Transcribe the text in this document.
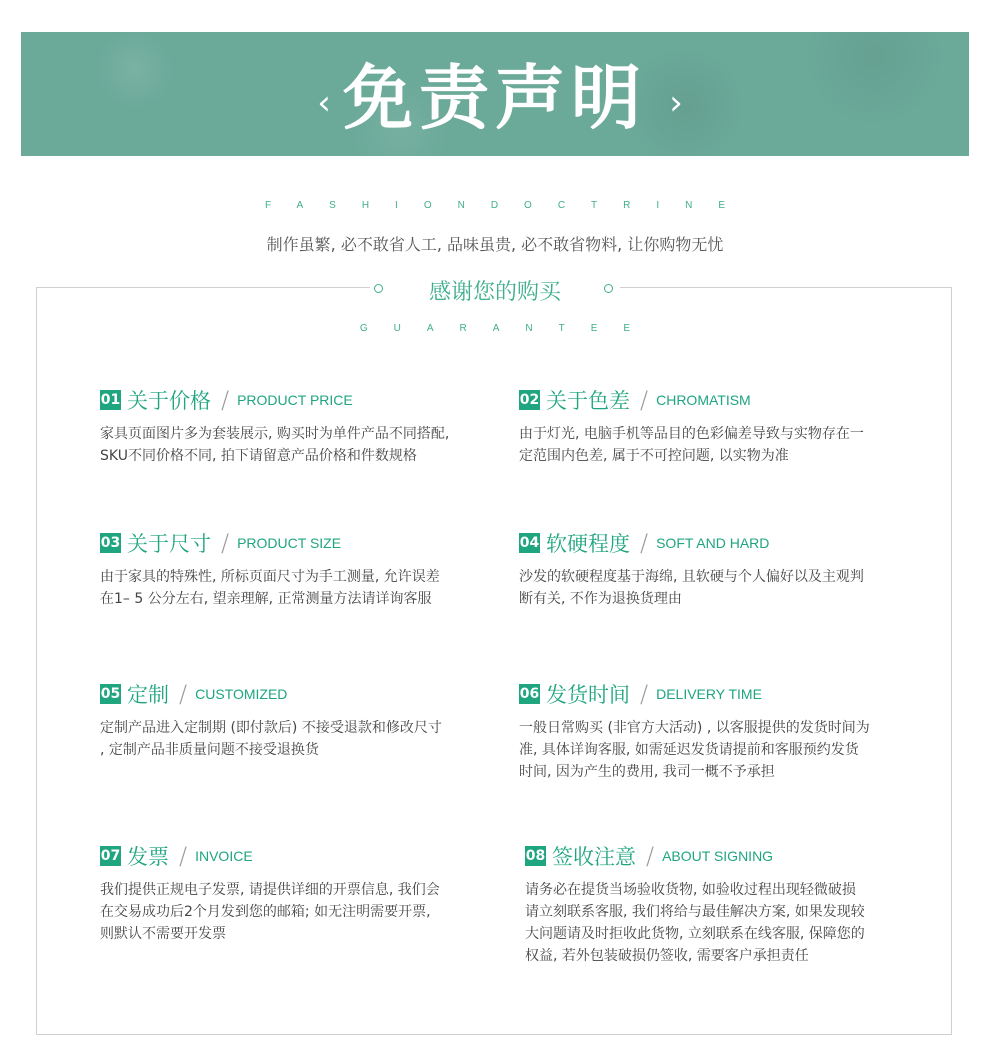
‹ 免责声明 ›
FASHIONDOCTRINE
制作虽繁, 必不敢省人工, 品味虽贵, 必不敢省物料, 让你购物无忧
感谢您的购买
GUARANTEE
01 关于价格 / PRODUCT PRICE
家具页面图片多为套装展示, 购买时为单件产品不同搭配,
SKU不同价格不同, 拍下请留意产品价格和件数规格
02 关于色差 / CHROMATISM
由于灯光, 电脑手机等品目的色彩偏差导致与实物存在一
定范围内色差, 属于不可控问题, 以实物为准
03 关于尺寸 / PRODUCT SIZE
由于家具的特殊性, 所标页面尺寸为手工测量, 允许误差
在1– 5 公分左右, 望亲理解, 正常测量方法请详询客服
04 软硬程度 / SOFT AND HARD
沙发的软硬程度基于海绵, 且软硬与个人偏好以及主观判
断有关, 不作为退换货理由
05 定制 / CUSTOMIZED
定制产品进入定制期 (即付款后) 不接受退款和修改尺寸
, 定制产品非质量问题不接受退换货
06 发货时间 / DELIVERY TIME
一般日常购买 (非官方大活动) , 以客服提供的发货时间为
准, 具体详询客服, 如需延迟发货请提前和客服预约发货
时间, 因为产生的费用, 我司一概不予承担
07 发票 / INVOICE
我们提供正规电子发票, 请提供详细的开票信息, 我们会
在交易成功后2个月发到您的邮箱; 如无注明需要开票,
则默认不需要开发票
08 签收注意 / ABOUT SIGNING
请务必在提货当场验收货物, 如验收过程出现轻微破损
请立刻联系客服, 我们将给与最佳解决方案, 如果发现较
大问题请及时拒收此货物, 立刻联系在线客服, 保障您的
权益, 若外包装破损仍签收, 需要客户承担责任
